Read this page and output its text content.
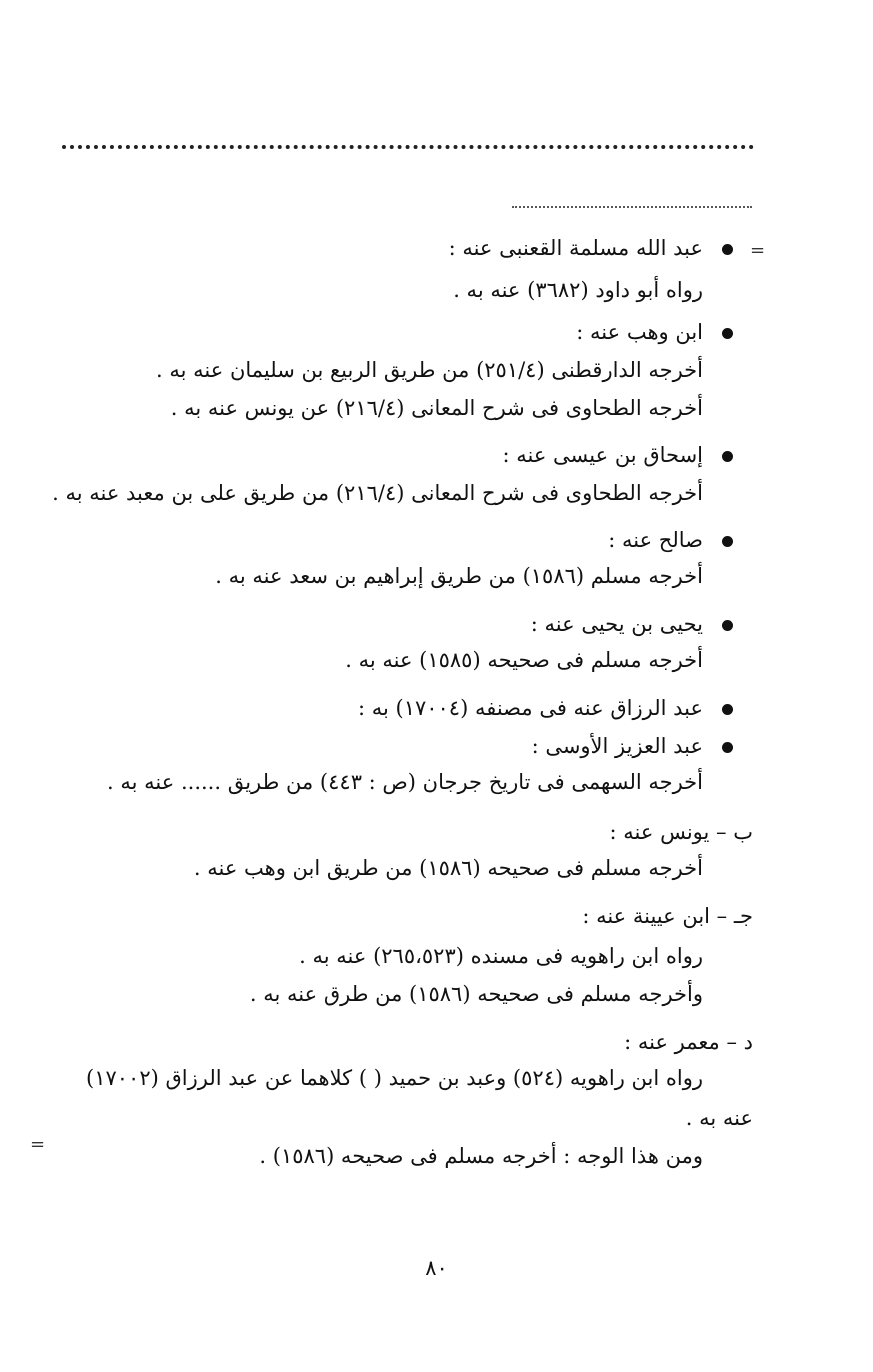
=
=
عبد الله مسلمة القعنبى عنه :
رواه أبو داود (٣٦٨٢) عنه به .
ابن وهب عنه :
أخرجه الدارقطنى (٢٥١/٤) من طريق الربيع بن سليمان عنه به .
أخرجه الطحاوى فى شرح المعانى (٢١٦/٤) عن يونس عنه به .
إسحاق بن عيسى عنه :
أخرجه الطحاوى فى شرح المعانى (٢١٦/٤) من طريق على بن معبد عنه به .
صالح عنه :
أخرجه مسلم (١٥٨٦) من طريق إبراهيم بن سعد عنه به .
يحيى بن يحيى عنه :
أخرجه مسلم فى صحيحه (١٥٨٥) عنه به .
عبد الرزاق عنه فى مصنفه (١٧٠٠٤) به :
عبد العزيز الأوسى :
أخرجه السهمى فى تاريخ جرجان (ص : ٤٤٣) من طريق ...... عنه به .
ب – يونس عنه :
أخرجه مسلم فى صحيحه (١٥٨٦) من طريق ابن وهب عنه .
جـ – ابن عيينة عنه :
رواه ابن راهويه فى مسنده (٢٦٥،٥٢٣) عنه به .
وأخرجه مسلم فى صحيحه (١٥٨٦) من طرق عنه به .
د – معمر عنه :
رواه ابن راهويه (٥٢٤) وعبد بن حميد ( ) كلاهما عن عبد الرزاق (١٧٠٠٢)
عنه به .
ومن هذا الوجه : أخرجه مسلم فى صحيحه (١٥٨٦) .
٨٠
